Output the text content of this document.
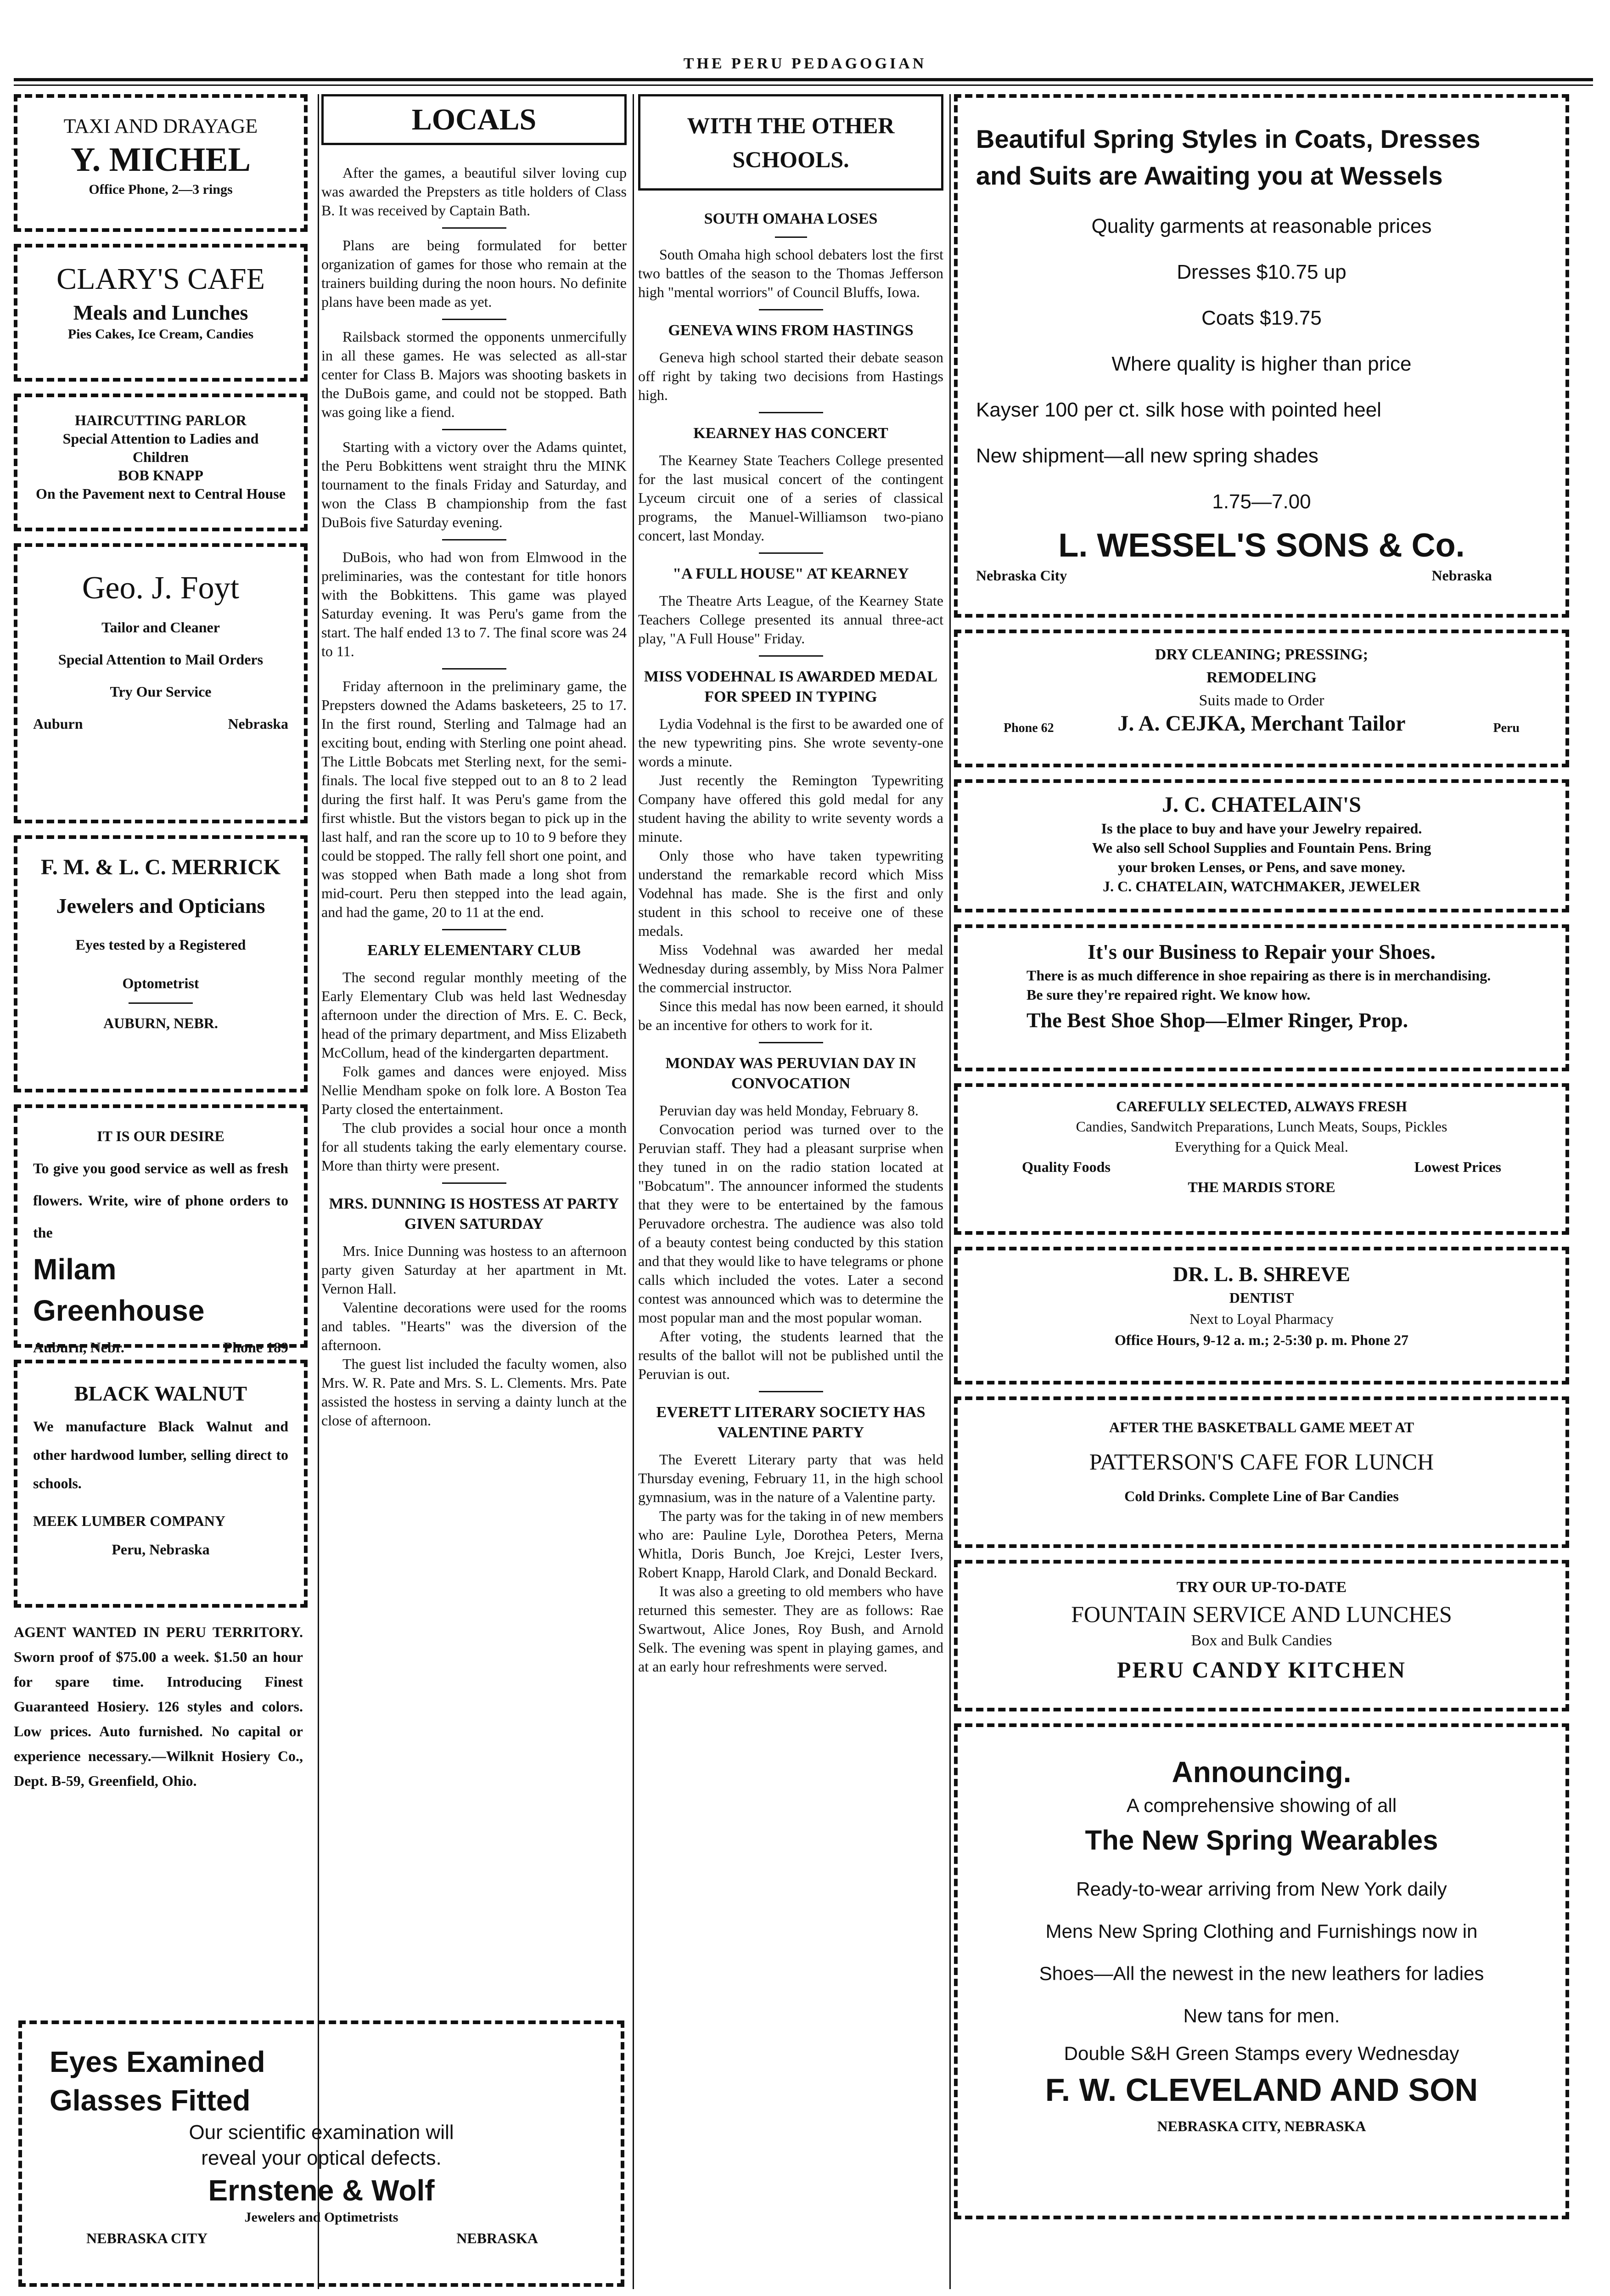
THE PERU PEDAGOGIAN

TAXI AND DRAYAGE

Y. MICHEL

Office Phone, 2—3 rings

CLARY'S CAFE

Meals and Lunches

Pies Cakes, Ice Cream, Candies

HAIRCUTTING PARLOR

Special Attention to Ladies and Children

BOB KNAPP

On the Pavement next to Central House

Geo. J. Foyt

Tailor and Cleaner

Special Attention to Mail Orders

Try Our Service

Auburn	Nebraska

F. M. & L. C. MERRICK

Jewelers and Opticians

Eyes tested by a Registered

Optometrist

AUBURN, NEBR.

IT IS OUR DESIRE

To give you good service as well as fresh flowers. Write, wire of phone orders to the

Milam Greenhouse

Auburn, Nebr.	Phone 189

BLACK WALNUT

We manufacture Black Walnut and other hardwood lumber, selling direct to schools.

MEEK LUMBER COMPANY

Peru, Nebraska

AGENT WANTED IN PERU TERRITORY. Sworn proof of $75.00 a week. $1.50 an hour for spare time. Introducing Finest Guaranteed Hosiery. 126 styles and colors. Low prices. Auto furnished. No capital or experience necessary.—Wilknit Hosiery Co., Dept. B-59, Greenfield, Ohio.

Eyes Examined

Glasses Fitted

Our scientific examination will

reveal your optical defects.

Ernstene & Wolf

Jewelers and Optimetrists

NEBRASKA CITY	NEBRASKA
LOCALS

After the games, a beautiful silver loving cup was awarded the Prepsters as title holders of Class B. It was received by Captain Bath.

Plans are being formulated for better organization of games for those who remain at the trainers building during the noon hours. No definite plans have been made as yet.

Railsback stormed the opponents unmercifully in all these games. He was selected as all-star center for Class B. Majors was shooting baskets in the DuBois game, and could not be stopped. Bath was going like a fiend.

Starting with a victory over the Adams quintet, the Peru Bobkittens went straight thru the MINK tournament to the finals Friday and Saturday, and won the Class B championship from the fast DuBois five Saturday evening.

DuBois, who had won from Elmwood in the preliminaries, was the contestant for title honors with the Bobkittens. This game was played Saturday evening. It was Peru's game from the start. The half ended 13 to 7. The final score was 24 to 11.

Friday afternoon in the preliminary game, the Prepsters downed the Adams basketeers, 25 to 17. In the first round, Sterling and Talmage had an exciting bout, ending with Sterling one point ahead. The Little Bobcats met Sterling next, for the semi-finals. The local five stepped out to an 8 to 2 lead during the first half. It was Peru's game from the first whistle. But the vistors began to pick up in the last half, and ran the score up to 10 to 9 before they could be stopped. The rally fell short one point, and was stopped when Bath made a long shot from mid-court. Peru then stepped into the lead again, and had the game, 20 to 11 at the end.

EARLY ELEMENTARY CLUB

The second regular monthly meeting of the Early Elementary Club was held last Wednesday afternoon under the direction of Mrs. E. C. Beck, head of the primary department, and Miss Elizabeth McCollum, head of the kindergarten department.

Folk games and dances were enjoyed. Miss Nellie Mendham spoke on folk lore. A Boston Tea Party closed the entertainment.

The club provides a social hour once a month for all students taking the early elementary course. More than thirty were present.

MRS. DUNNING IS HOSTESS AT PARTY GIVEN SATURDAY

Mrs. Inice Dunning was hostess to an afternoon party given Saturday at her apartment in Mt. Vernon Hall.

Valentine decorations were used for the rooms and tables. "Hearts" was the diversion of the afternoon.

The guest list included the faculty women, also Mrs. W. R. Pate and Mrs. S. L. Clements. Mrs. Pate assisted the hostess in serving a dainty lunch at the close of afternoon.

WITH THE OTHER SCHOOLS.
SOUTH OMAHA LOSES

South Omaha high school debaters lost the first two battles of the season to the Thomas Jefferson high "mental worriors" of Council Bluffs, Iowa.

GENEVA WINS FROM HASTINGS

Geneva high school started their debate season off right by taking two decisions from Hastings high.

KEARNEY HAS CONCERT

The Kearney State Teachers College presented for the last musical concert of the contingent Lyceum circuit one of a series of classical programs, the Manuel-Williamson two-piano concert, last Monday.

"A FULL HOUSE" AT KEARNEY

The Theatre Arts League, of the Kearney State Teachers College presented its annual three-act play, "A Full House" Friday.

MISS VODEHNAL IS AWARDED MEDAL FOR SPEED IN TYPING

Lydia Vodehnal is the first to be awarded one of the new typewriting pins. She wrote seventy-one words a minute.

Just recently the Remington Typewriting Company have offered this gold medal for any student having the ability to write seventy words a minute.

Only those who have taken typewriting understand the remarkable record which Miss Vodehnal has made. She is the first and only student in this school to receive one of these medals.

Miss Vodehnal was awarded her medal Wednesday during assembly, by Miss Nora Palmer the commercial instructor.

Since this medal has now been earned, it should be an incentive for others to work for it.

MONDAY WAS PERUVIAN DAY IN CONVOCATION

Peruvian day was held Monday, February 8.

Convocation period was turned over to the Peruvian staff. They had a pleasant surprise when they tuned in on the radio station located at "Bobcatum". The announcer informed the students that they were to be entertained by the famous Peruvadore orchestra. The audience was also told of a beauty contest being conducted by this station and that they would like to have telegrams or phone calls which included the votes. Later a second contest was announced which was to determine the most popular man and the most popular woman.

After voting, the students learned that the results of the ballot will not be published until the Peruvian is out.

EVERETT LITERARY SOCIETY HAS VALENTINE PARTY

The Everett Literary party that was held Thursday evening, February 11, in the high school gymnasium, was in the nature of a Valentine party.

The party was for the taking in of new members who are: Pauline Lyle, Dorothea Peters, Merna Whitla, Doris Bunch, Joe Krejci, Lester Ivers, Robert Knapp, Harold Clark, and Donald Beckard.

It was also a greeting to old members who have returned this semester. They are as follows: Rae Swartwout, Alice Jones, Roy Bush, and Arnold Selk. The evening was spent in playing games, and at an early hour refreshments were served.

Beautiful Spring Styles in Coats, Dresses

and Suits are Awaiting you at Wessels

Quality garments at reasonable prices

Dresses $10.75 up

Coats $19.75

Where quality is higher than price

Kayser 100 per ct. silk hose with pointed heel

New shipment—all new spring shades

1.75—7.00

L. WESSEL'S SONS & Co.

Nebraska City	Nebraska

DRY CLEANING; PRESSING;

REMODELING

Suits made to Order

J. A. CEJKA, Merchant Tailor

Phone 62	Peru

J. C. CHATELAIN'S

Is the place to buy and have your Jewelry repaired.

We also sell School Supplies and Fountain Pens. Bring

your broken Lenses, or Pens, and save money.

J. C. CHATELAIN, WATCHMAKER, JEWELER

It's our Business to Repair your Shoes.

There is as much difference in shoe repairing as there is in merchandising. Be sure they're repaired right. We know how.

The Best Shoe Shop—Elmer Ringer, Prop.

CAREFULLY SELECTED, ALWAYS FRESH

Candies, Sandwitch Preparations, Lunch Meats, Soups, Pickles

Everything for a Quick Meal.

Quality Foods	Lowest Prices

THE MARDIS STORE

DR. L. B. SHREVE

DENTIST

Next to Loyal Pharmacy

Office Hours, 9-12 a. m.; 2-5:30 p. m. Phone 27

AFTER THE BASKETBALL GAME MEET AT

PATTERSON'S CAFE FOR LUNCH

Cold Drinks. Complete Line of Bar Candies

TRY OUR UP-TO-DATE

FOUNTAIN SERVICE AND LUNCHES

Box and Bulk Candies

PERU CANDY KITCHEN

Announcing.

A comprehensive showing of all

The New Spring Wearables

Ready-to-wear arriving from New York daily

Mens New Spring Clothing and Furnishings now in

Shoes—All the newest in the new leathers for ladies

New tans for men.

Double S&H Green Stamps every Wednesday

F. W. CLEVELAND AND SON

NEBRASKA CITY, NEBRASKA
